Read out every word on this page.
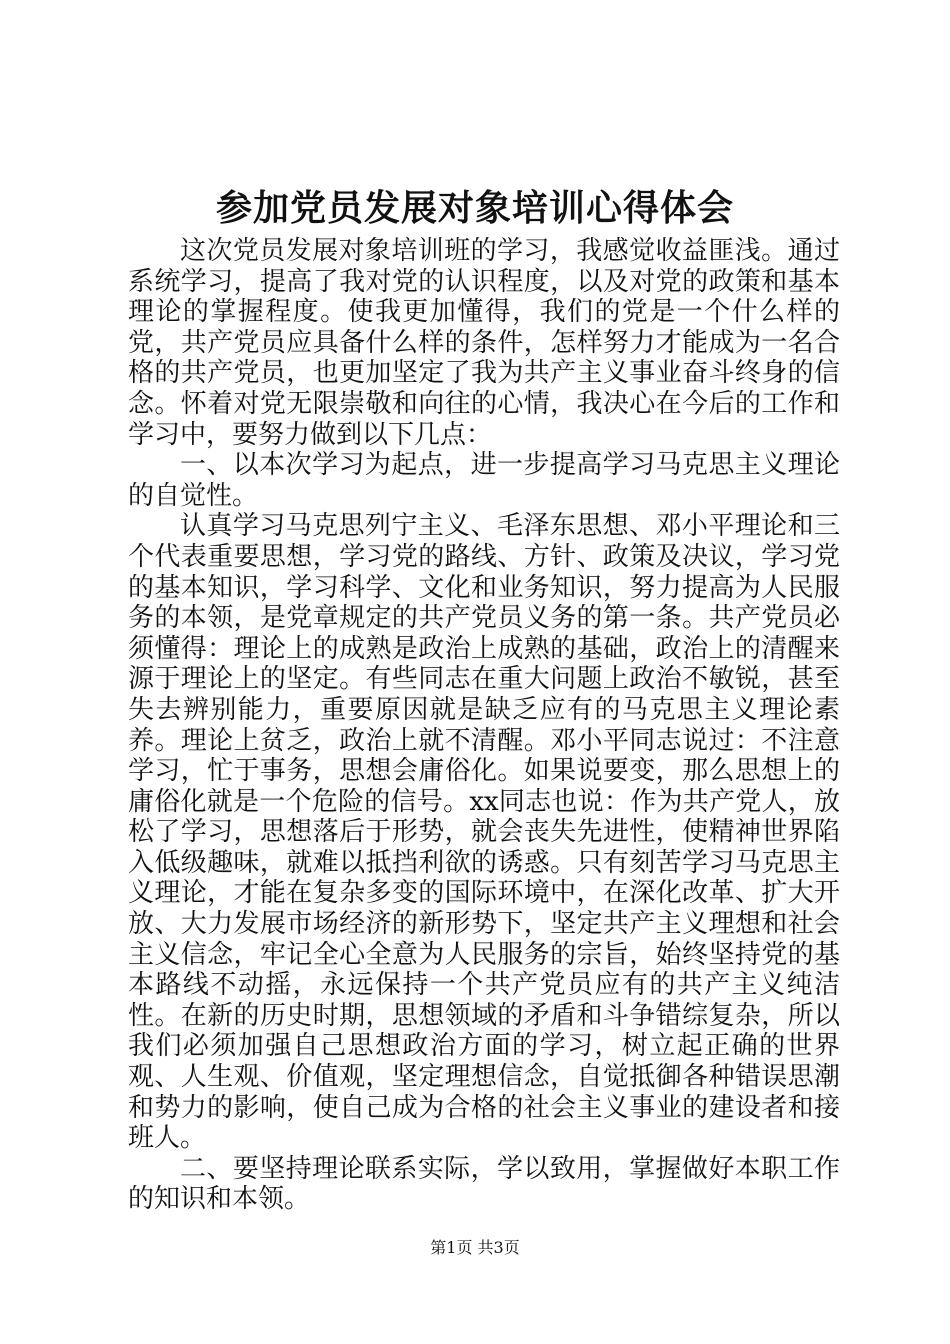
参加党员发展对象培训心得体会

这次党员发展对象培训班的学习，我感觉收益匪浅。通过系统学习，提高了我对党的认识程度，以及对党的政策和基本理论的掌握程度。使我更加懂得，我们的党是一个什么样的党，共产党员应具备什么样的条件，怎样努力才能成为一名合格的共产党员，也更加坚定了我为共产主义事业奋斗终身的信念。怀着对党无限崇敬和向往的心情，我决心在今后的工作和学习中，要努力做到以下几点：

一、以本次学习为起点，进一步提高学习马克思主义理论的自觉性。

认真学习马克思列宁主义、毛泽东思想、邓小平理论和三个代表重要思想，学习党的路线、方针、政策及决议，学习党的基本知识，学习科学、文化和业务知识，努力提高为人民服务的本领，是党章规定的共产党员义务的第一条。共产党员必须懂得：理论上的成熟是政治上成熟的基础，政治上的清醒来源于理论上的坚定。有些同志在重大问题上政治不敏锐，甚至失去辨别能力，重要原因就是缺乏应有的马克思主义理论素养。理论上贫乏，政治上就不清醒。邓小平同志说过：不注意学习，忙于事务，思想会庸俗化。如果说要变，那么思想上的庸俗化就是一个危险的信号。xx同志也说：作为共产党人，放松了学习，思想落后于形势，就会丧失先进性，使精神世界陷入低级趣味，就难以抵挡利欲的诱惑。只有刻苦学习马克思主义理论，才能在复杂多变的国际环境中，在深化改革、扩大开放、大力发展市场经济的新形势下，坚定共产主义理想和社会主义信念，牢记全心全意为人民服务的宗旨，始终坚持党的基本路线不动摇，永远保持一个共产党员应有的共产主义纯洁性。在新的历史时期，思想领域的矛盾和斗争错综复杂，所以我们必须加强自己思想政治方面的学习，树立起正确的世界观、人生观、价值观，坚定理想信念，自觉抵御各种错误思潮和势力的影响，使自己成为合格的社会主义事业的建设者和接班人。

二、要坚持理论联系实际，学以致用，掌握做好本职工作的知识和本领。

第1页 共3页
